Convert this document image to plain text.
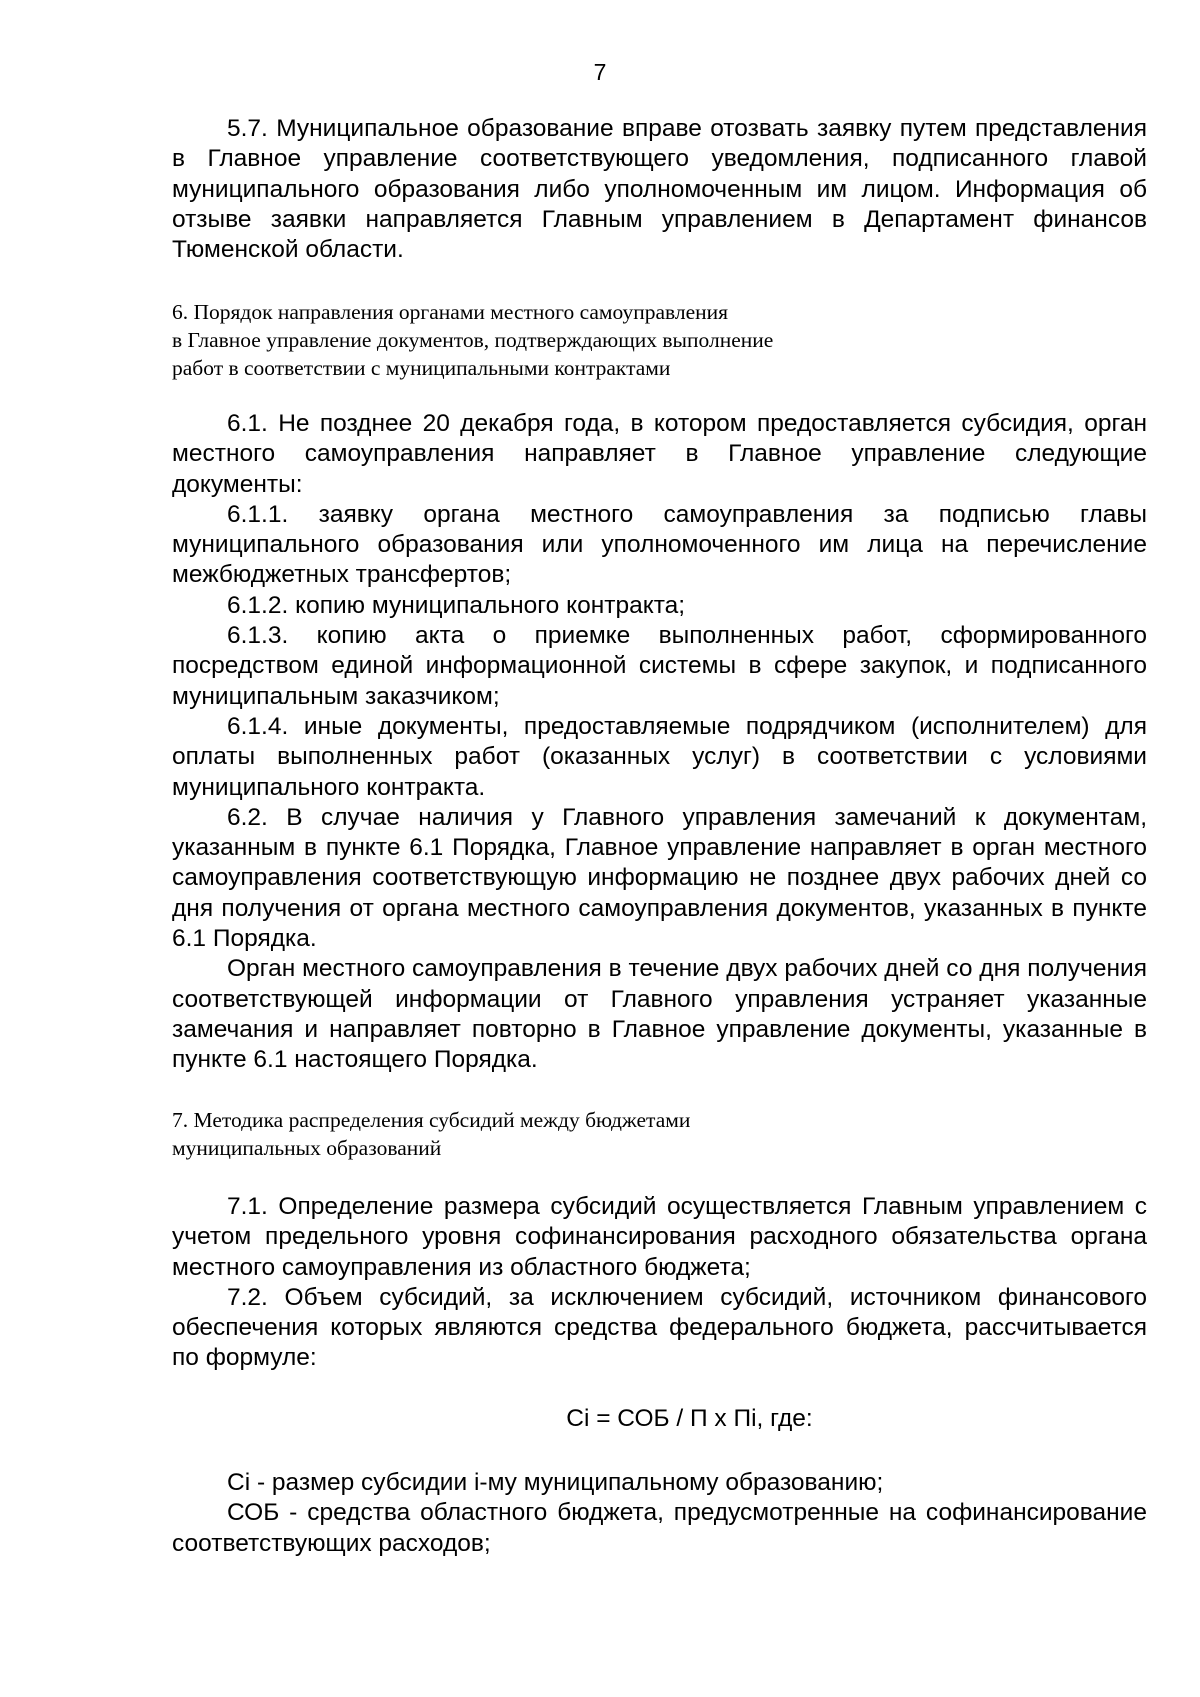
7

5.7. Муниципальное образование вправе отозвать заявку путем представления в Главное управление соответствующего уведомления, подписанного главой муниципального образования либо уполномоченным им лицом. Информация об отзыве заявки направляется Главным управлением в Департамент финансов Тюменской области.

6. Порядок направления органами местного самоуправления
в Главное управление документов, подтверждающих выполнение
работ в соответствии с муниципальными контрактами

6.1. Не позднее 20 декабря года, в котором предоставляется субсидия, орган местного самоуправления направляет в Главное управление следующие документы:

6.1.1. заявку органа местного самоуправления за подписью главы муниципального образования или уполномоченного им лица на перечисление межбюджетных трансфертов;

6.1.2. копию муниципального контракта;

6.1.3. копию акта о приемке выполненных работ, сформированного посредством единой информационной системы в сфере закупок, и подписанного муниципальным заказчиком;

6.1.4. иные документы, предоставляемые подрядчиком (исполнителем) для оплаты выполненных работ (оказанных услуг) в соответствии с условиями муниципального контракта.

6.2. В случае наличия у Главного управления замечаний к документам, указанным в пункте 6.1 Порядка, Главное управление направляет в орган местного самоуправления соответствующую информацию не позднее двух рабочих дней со дня получения от органа местного самоуправления документов, указанных в пункте 6.1 Порядка.

Орган местного самоуправления в течение двух рабочих дней со дня получения соответствующей информации от Главного управления устраняет указанные замечания и направляет повторно в Главное управление документы, указанные в пункте 6.1 настоящего Порядка.

7. Методика распределения субсидий между бюджетами
муниципальных образований

7.1. Определение размера субсидий осуществляется Главным управлением с учетом предельного уровня софинансирования расходного обязательства органа местного самоуправления из областного бюджета;

7.2. Объем субсидий, за исключением субсидий, источником финансового обеспечения которых являются средства федерального бюджета, рассчитывается по формуле:

Ci = СОБ / П x Пi, где:

Ci - размер субсидии i-му муниципальному образованию;

СОБ - средства областного бюджета, предусмотренные на софинансирование соответствующих расходов;
